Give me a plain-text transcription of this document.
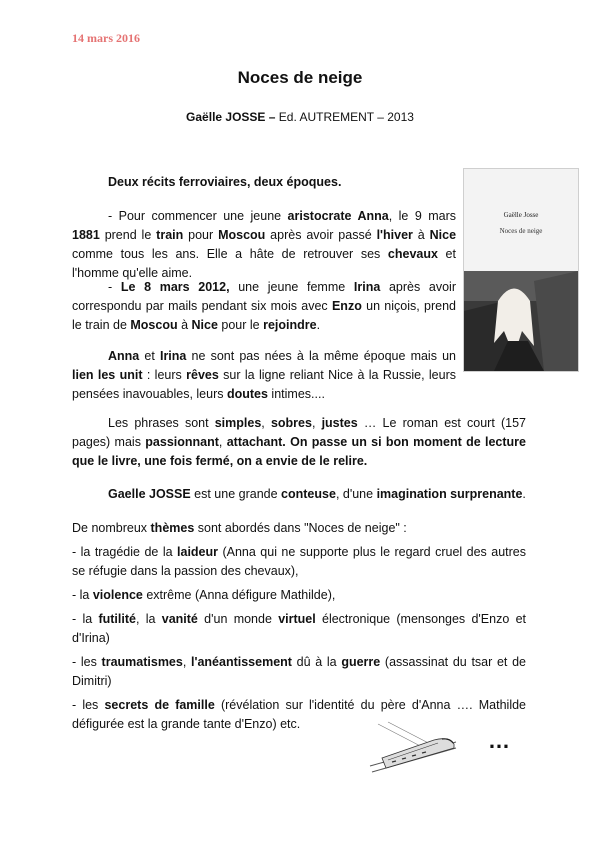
14 mars 2016
Noces de neige
Gaëlle JOSSE – Ed. AUTREMENT – 2013
Gaëlle Josse
Noces de neige
Deux récits ferroviaires, deux époques.
- Pour commencer une jeune aristocrate Anna, le 9 mars 1881 prend le train pour Moscou après avoir passé l'hiver à Nice comme tous les ans. Elle a hâte de retrouver ses chevaux et l'homme qu'elle aime.
- Le 8 mars 2012, une jeune femme Irina après avoir correspondu par mails pendant six mois avec Enzo un niçois, prend le train de Moscou à Nice pour le rejoindre.
Anna et Irina ne sont pas nées à la même époque mais un lien les unit : leurs rêves sur la ligne reliant Nice à la Russie, leurs pensées inavouables, leurs doutes intimes....
Les phrases sont simples, sobres, justes … Le roman est court (157 pages) mais passionnant, attachant. On passe un si bon moment de lecture que le livre, une fois fermé, on a envie de le relire.
Gaelle JOSSE est une grande conteuse, d'une imagination surprenante.
De nombreux thèmes sont abordés dans "Noces de neige" :

- la tragédie de la laideur (Anna qui ne supporte plus le regard cruel des autres se réfugie dans la passion des chevaux),

- la violence extrême (Anna défigure Mathilde),

- la futilité, la vanité d'un monde virtuel électronique (mensonges d'Enzo et d'Irina)

- les traumatismes, l'anéantissement dû à la guerre (assassinat du tsar et de Dimitri)

- les secrets de famille (révélation sur l'identité du père d'Anna …. Mathilde défigurée est la grande tante d'Enzo) etc.

…
